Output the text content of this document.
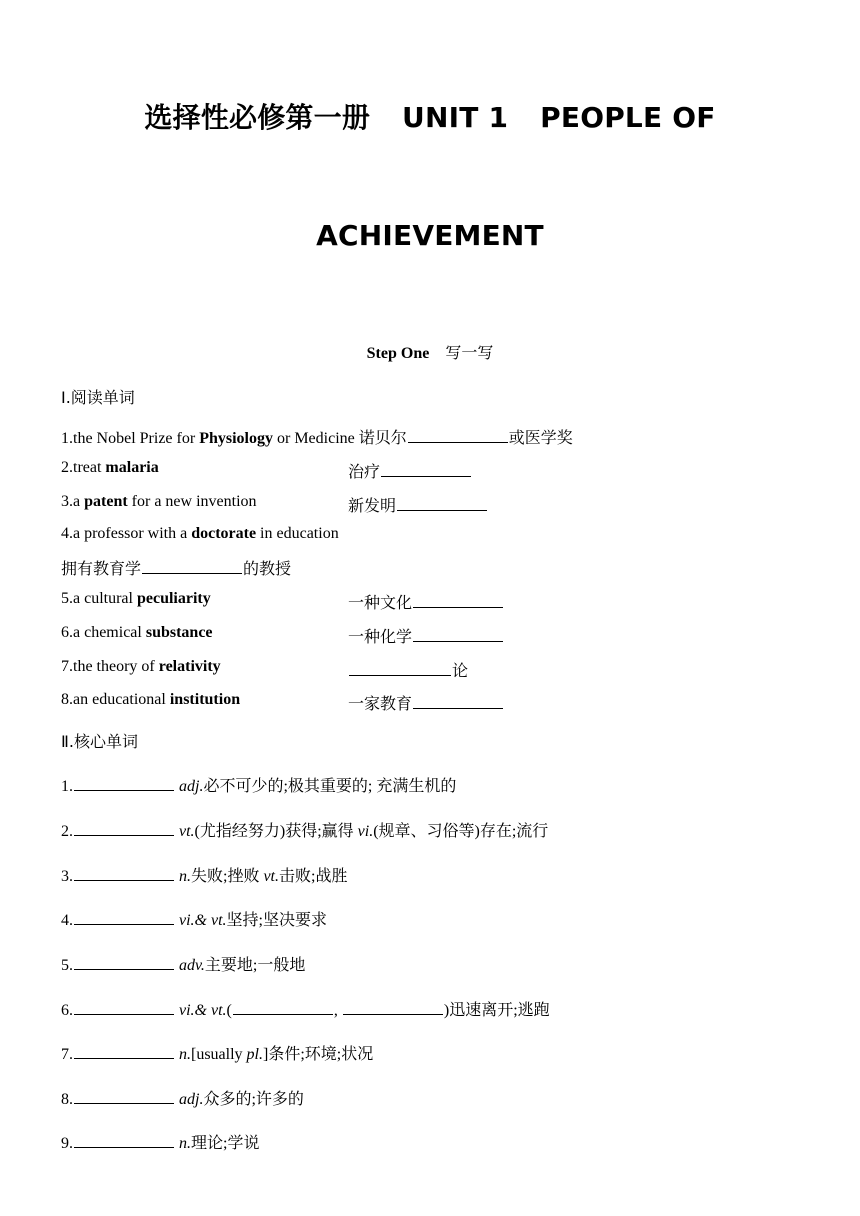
选择性必修第一册 UNIT 1 PEOPLE OF
ACHIEVEMENT
Step One 写一写
Ⅰ.阅读单词
1.the Nobel Prize for Physiology or Medicine 诺贝尔	或医学奖
2.treat malaria	治疗
3.a patent for a new invention	新发明
4.a professor with a doctorate in education
拥有教育学	的教授
5.a cultural peculiarity	一种文化
6.a chemical substance	一种化学
7.the theory of relativity	论
8.an educational institution	一家教育
Ⅱ.核心单词
1.	adj.必不可少的;极其重要的; 充满生机的
2.	vt.(尤指经努力)获得;赢得 vi.(规章、习俗等)存在;流行
3.	n.失败;挫败 vt.击败;战胜
4.	vi.& vt.坚持;坚决要求
5.	adv.主要地;一般地
6.	vi.& vt.(	,	)迅速离开;逃跑
7.	n.[usually pl.]条件;环境;状况
8.	adj.众多的;许多的
9.	n.理论;学说
